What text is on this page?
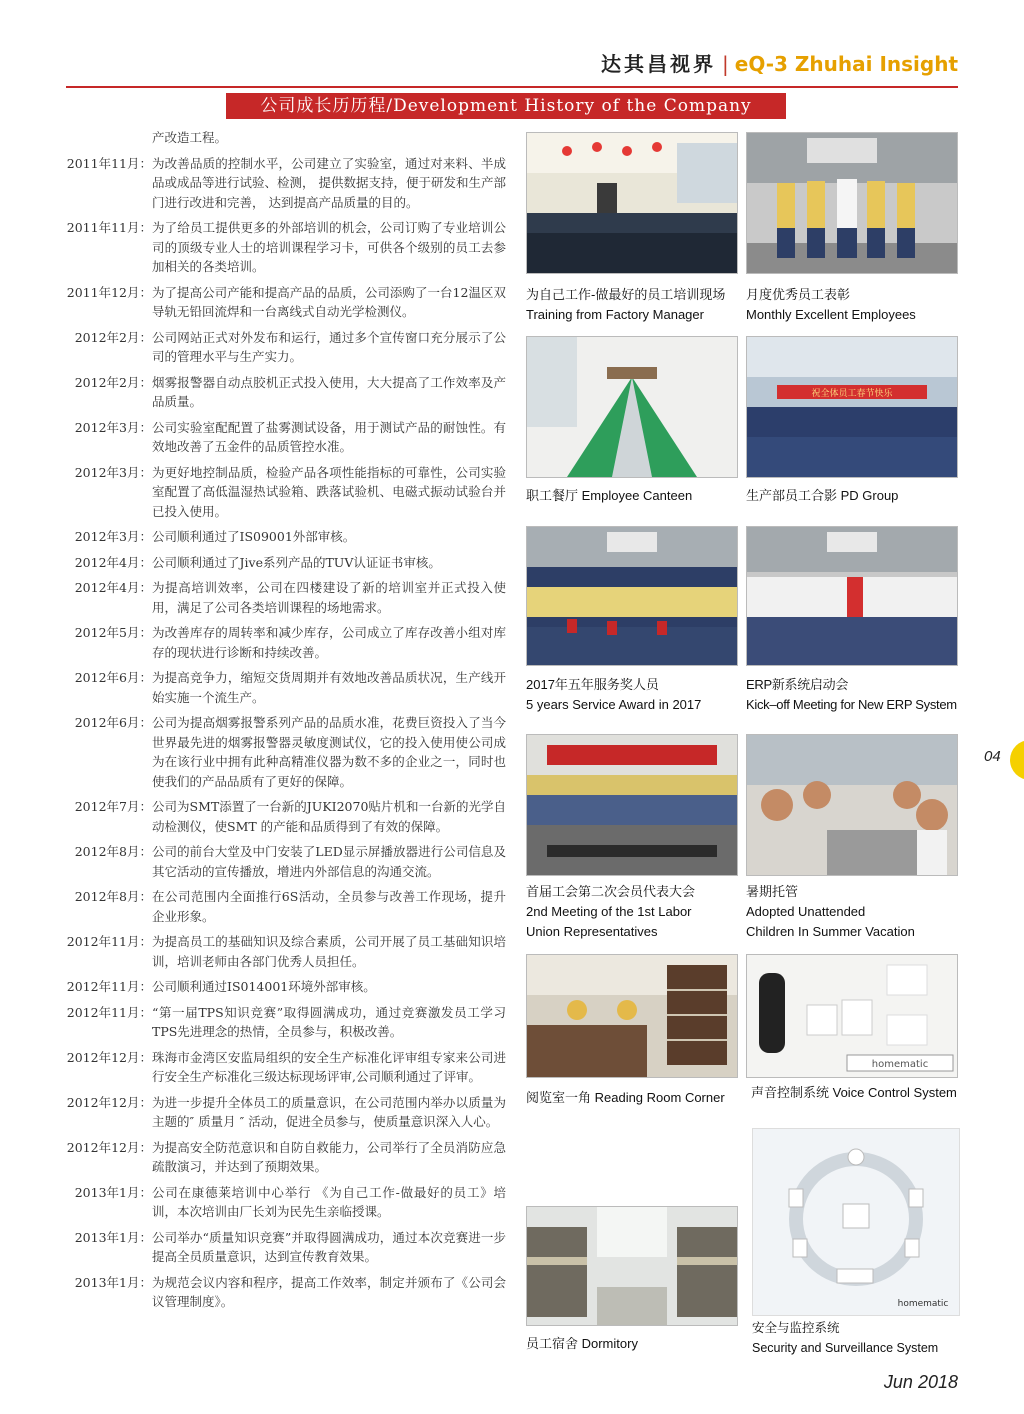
达其昌视界 | eQ-3 Zhuhai Insight
公司成长历历程/Development History of the Company
产改造工程。
2011年11月： 为改善品质的控制水平，公司建立了实验室，通过对来料、半成品或成品等进行试验、检测， 提供数据支持，便于研发和生产部门进行改进和完善， 达到提高产品质量的目的。
2011年11月： 为了给员工提供更多的外部培训的机会，公司订购了专业培训公司的顶级专业人士的培训课程学习卡，可供各个级别的员工去参加相关的各类培训。
2011年12月： 为了提高公司产能和提高产品的品质，公司添购了一台12温区双导轨无铅回流焊和一台离线式自动光学检测仪。
2012年2月： 公司网站正式对外发布和运行，通过多个宣传窗口充分展示了公司的管理水平与生产实力。
2012年2月： 烟雾报警器自动点胶机正式投入使用，大大提高了工作效率及产品质量。
2012年3月： 公司实验室配配置了盐雾测试设备，用于测试产品的耐蚀性。有效地改善了五金件的品质管控水准。
2012年3月： 为更好地控制品质，检验产品各项性能指标的可靠性，公司实验室配置了高低温湿热试验箱、跌落试验机、电磁式振动试验台并已投入使用。
2012年3月： 公司顺利通过了IS09001外部审核。
2012年4月： 公司顺利通过了Jive系列产品的TUV认证证书审核。
2012年4月： 为提高培训效率，公司在四楼建设了新的培训室并正式投入使用，满足了公司各类培训课程的场地需求。
2012年5月： 为改善库存的周转率和减少库存，公司成立了库存改善小组对库存的现状进行诊断和持续改善。
2012年6月： 为提高竞争力，缩短交货周期并有效地改善品质状况，生产线开始实施一个流生产。
2012年6月： 公司为提高烟雾报警系列产品的品质水准，花费巨资投入了当今世界最先进的烟雾报警器灵敏度测试仪，它的投入使用使公司成为在该行业中拥有此种高精准仪器为数不多的企业之一，同时也使我们的产品品质有了更好的保障。
2012年7月： 公司为SMT添置了一台新的JUKI2070贴片机和一台新的光学自动检测仪，使SMT 的产能和品质得到了有效的保障。
2012年8月： 公司的前台大堂及中门安装了LED显示屏播放器进行公司信息及其它活动的宣传播放，增进内外部信息的沟通交流。
2012年8月： 在公司范围内全面推行6S活动，全员参与改善工作现场，提升企业形象。
2012年11月： 为提高员工的基础知识及综合素质，公司开展了员工基础知识培训，培训老师由各部门优秀人员担任。
2012年11月： 公司顺利通过IS014001环境外部审核。
2012年11月： “第一届TPS知识竞赛”取得圆满成功，通过竞赛激发员工学习TPS先进理念的热情，全员参与，积极改善。
2012年12月： 珠海市金湾区安监局组织的安全生产标准化评审组专家来公司进行安全生产标准化三级达标现场评审,公司顺利通过了评审。
2012年12月： 为进一步提升全体员工的质量意识，在公司范围内举办以质量为主题的″ 质量月 ″ 活动，促进全员参与，使质量意识深入人心。
2012年12月： 为提高安全防范意识和自防自救能力，公司举行了全员消防应急疏散演习，并达到了预期效果。
2013年1月： 公司在康德莱培训中心举行 《为自己工作-做最好的员工》培训，本次培训由厂长刘为民先生亲临授课。
2013年1月： 公司举办“质量知识竞赛”并取得圆满成功，通过本次竞赛进一步提高全员质量意识，达到宣传教育效果。
2013年1月： 为规范会议内容和程序，提高工作效率，制定并颁布了《公司会议管理制度》。
为自己工作-做最好的员工培训现场
Training from Factory Manager
月度优秀员工表彰
Monthly Excellent Employees
祝全体员工春节快乐
职工餐厅 Employee Canteen	生产部员工合影 PD Group
2017年五年服务奖人员
5 years Service Award in 2017
ERP新系统启动会
Kick–off Meeting for New ERP System
首届工会第二次会员代表大会
2nd Meeting of the 1st Labor
Union Representatives
暑期托管
Adopted Unattended
Children In Summer Vacation
homematic
阅览室一角 Reading Room Corner 声音控制系统 Voice Control System
homematic
员工宿舍 Dormitory
安全与监控系统
Security and Surveillance System
04
Jun 2018
